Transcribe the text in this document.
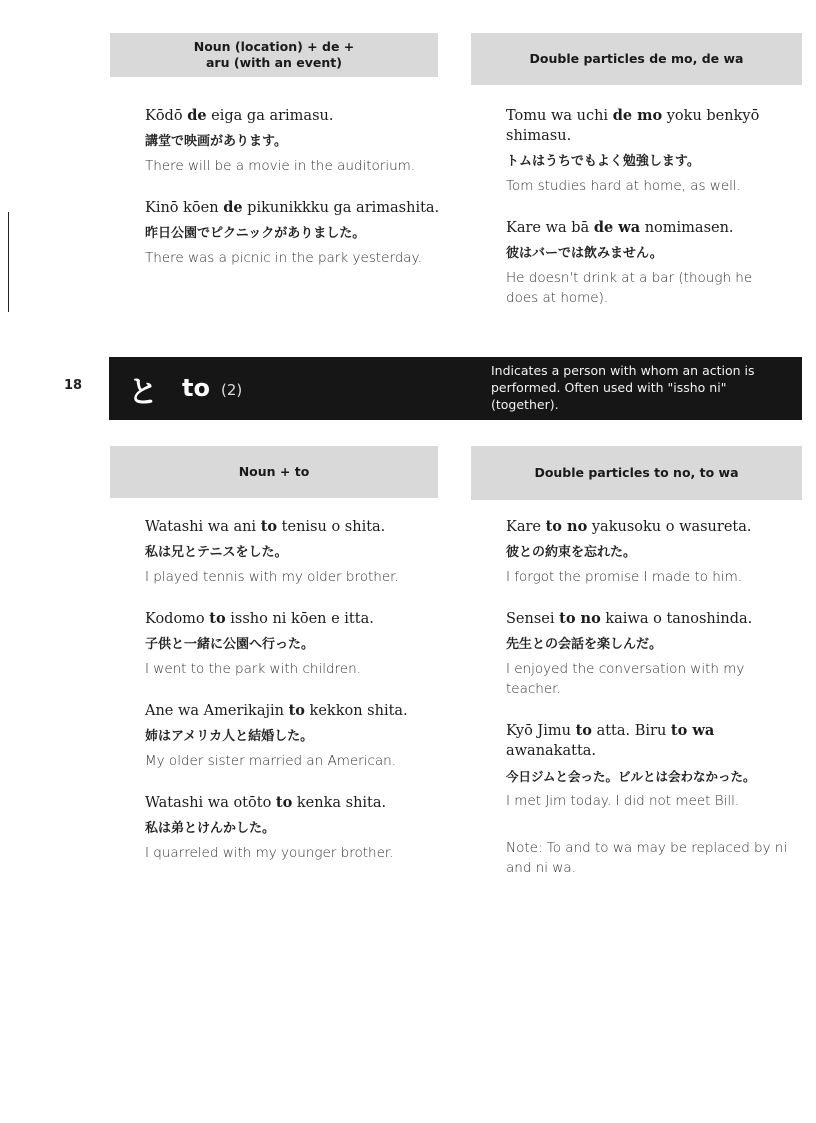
Noun (location) + de +
aru (with an event)
Kōdō de eiga ga arimasu.
講堂で映画があります。
There will be a movie in the auditorium.
Kinō kōen de pikunikkku ga arimashita.
昨日公園でピクニックがありました。
There was a picnic in the park yesterday.
Double particles de mo, de wa
Tomu wa uchi de mo yoku benkyō shimasu.
トムはうちでもよく勉強します。
Tom studies hard at home, as well.
Kare wa bā de wa nomimasen.
彼はバーでは飲みません。
He doesn't drink at a bar (though he does at home).
18 と to (2)
Indicates a person with whom an action is performed. Often used with "issho ni" (together).
Noun + to
Watashi wa ani to tenisu o shita.
私は兄とテニスをした。
I played tennis with my older brother.
Kodomo to issho ni kōen e itta.
子供と一緒に公園へ行った。
I went to the park with children.
Ane wa Amerikajin to kekkon shita.
姉はアメリカ人と結婚した。
My older sister married an American.
Watashi wa otōto to kenka shita.
私は弟とけんかした。
I quarreled with my younger brother.
Double particles to no, to wa
Kare to no yakusoku o wasureta.
彼との約束を忘れた。
I forgot the promise I made to him.
Sensei to no kaiwa o tanoshinda.
先生との会話を楽しんだ。
I enjoyed the conversation with my teacher.
Kyō Jimu to atta. Biru to wa awanakatta.
今日ジムと会った。ビルとは会わなかった。
I met Jim today. I did not meet Bill.
Note: To and to wa may be replaced by ni and ni wa.
